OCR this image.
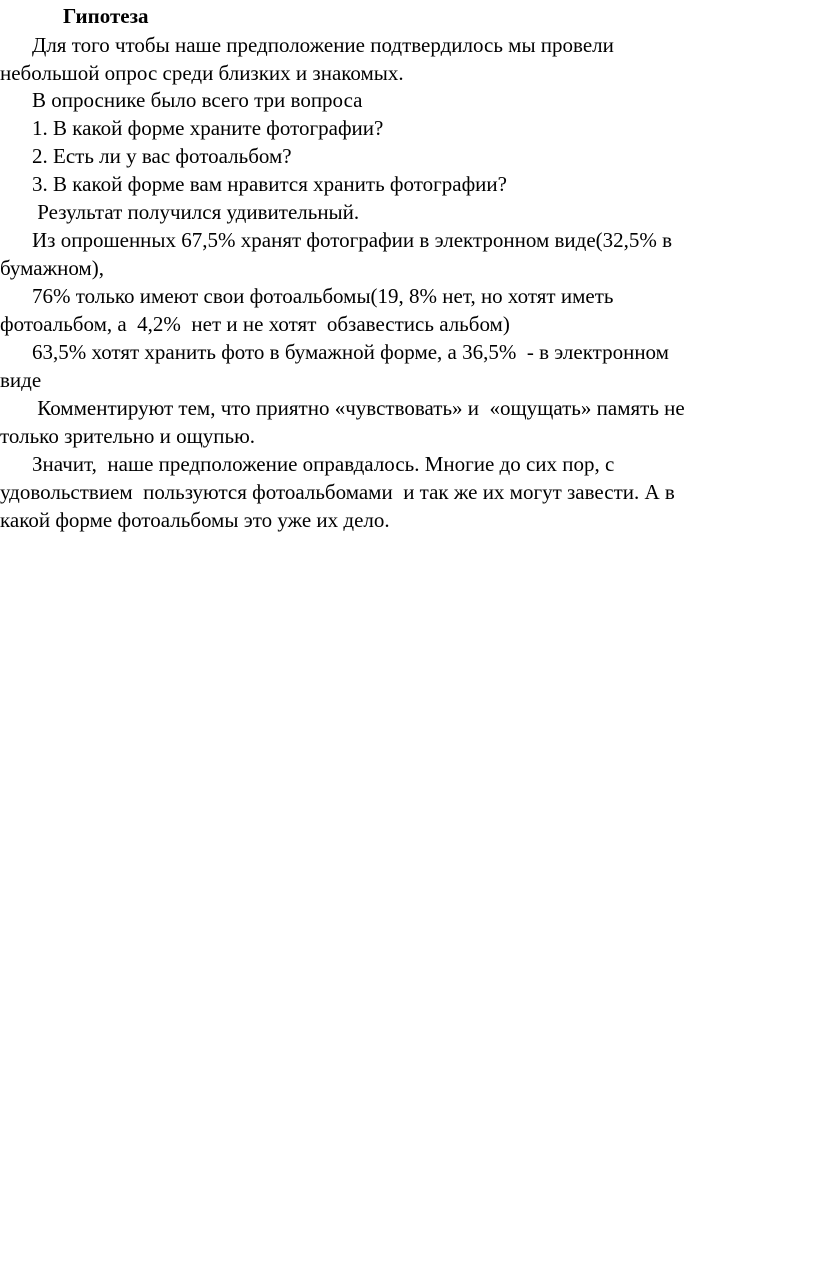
Гипотеза
Для того чтобы наше предположение подтвердилось мы провели
небольшой опрос среди близких и знакомых.
В опроснике было всего три вопроса
1. В какой форме храните фотографии?
2. Есть ли у вас фотоальбом?
3. В какой форме вам нравится хранить фотографии?
Результат получился удивительный.
Из опрошенных 67,5% хранят фотографии в электронном виде(32,5% в
бумажном),
76% только имеют свои фотоальбомы(19, 8% нет, но хотят иметь
фотоальбом, а  4,2%  нет и не хотят  обзавестись альбом)
63,5% хотят хранить фото в бумажной форме, а 36,5%  - в электронном
виде
Комментируют тем, что приятно «чувствовать» и  «ощущать» память не
только зрительно и ощупью.
Значит,  наше предположение оправдалось. Многие до сих пор, с
удовольствием  пользуются фотоальбомами  и так же их могут завести. А в
какой форме фотоальбомы это уже их дело.
